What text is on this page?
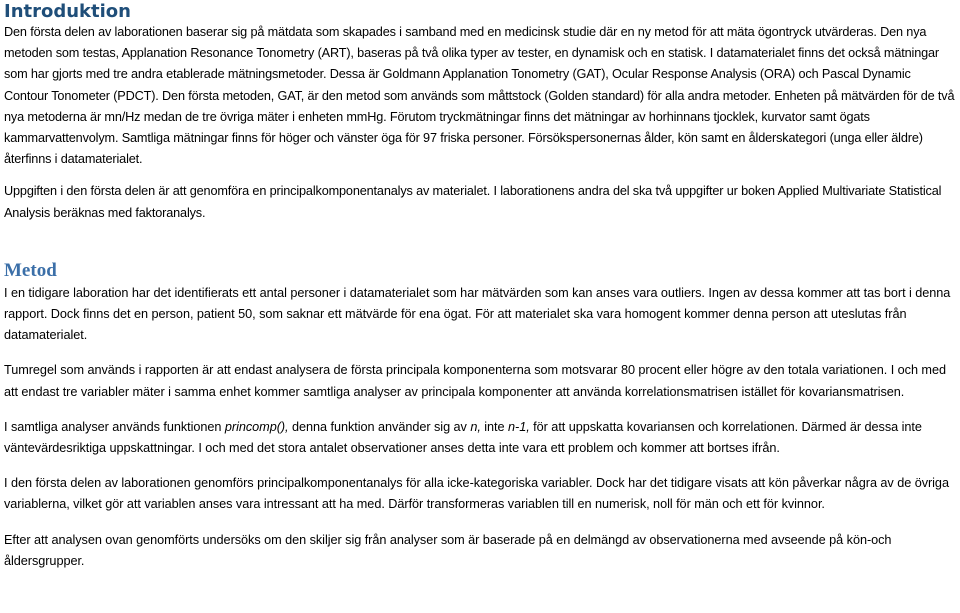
Introduktion

Den första delen av laborationen baserar sig på mätdata som skapades i samband med en medicinsk studie där en ny metod för att mäta ögontryck utvärderas. Den nya metoden som testas, Applanation Resonance Tonometry (ART), baseras på två olika typer av tester, en dynamisk och en statisk. I datamaterialet finns det också mätningar som har gjorts med tre andra etablerade mätningsmetoder. Dessa är Goldmann Applanation Tonometry (GAT), Ocular Response Analysis (ORA) och Pascal Dynamic Contour Tonometer (PDCT). Den första metoden, GAT, är den metod som används som måttstock (Golden standard) för alla andra metoder. Enheten på mätvärden för de två nya metoderna är mn/Hz medan de tre övriga mäter i enheten mmHg. Förutom tryckmätningar finns det mätningar av horhinnans tjocklek, kurvator samt ögats kammarvattenvolym. Samtliga mätningar finns för höger och vänster öga för 97 friska personer. Försökspersonernas ålder, kön samt en ålderskategori (unga eller äldre) återfinns i datamaterialet.

Uppgiften i den första delen är att genomföra en principalkomponentanalys av materialet. I laborationens andra del ska två uppgifter ur boken Applied Multivariate Statistical Analysis beräknas med faktoranalys.

Metod

I en tidigare laboration har det identifierats ett antal personer i datamaterialet som har mätvärden som kan anses vara outliers. Ingen av dessa kommer att tas bort i denna rapport. Dock finns det en person, patient 50, som saknar ett mätvärde för ena ögat. För att materialet ska vara homogent kommer denna person att uteslutas från datamaterialet.

Tumregel som används i rapporten är att endast analysera de första principala komponenterna som motsvarar 80 procent eller högre av den totala variationen. I och med att endast tre variabler mäter i samma enhet kommer samtliga analyser av principala komponenter att använda korrelationsmatrisen istället för kovariansmatrisen.

I samtliga analyser används funktionen princomp(), denna funktion använder sig av n, inte n-1, för att uppskatta kovariansen och korrelationen. Därmed är dessa inte väntevärdesriktiga uppskattningar. I och med det stora antalet observationer anses detta inte vara ett problem och kommer att bortses ifrån.

I den första delen av laborationen genomförs principalkomponentanalys för alla icke-kategoriska variabler. Dock har det tidigare visats att kön påverkar några av de övriga variablerna, vilket gör att variablen anses vara intressant att ha med. Därför transformeras variablen till en numerisk, noll för män och ett för kvinnor.

Efter att analysen ovan genomförts undersöks om den skiljer sig från analyser som är baserade på en delmängd av observationerna med avseende på kön-och åldersgrupper.
